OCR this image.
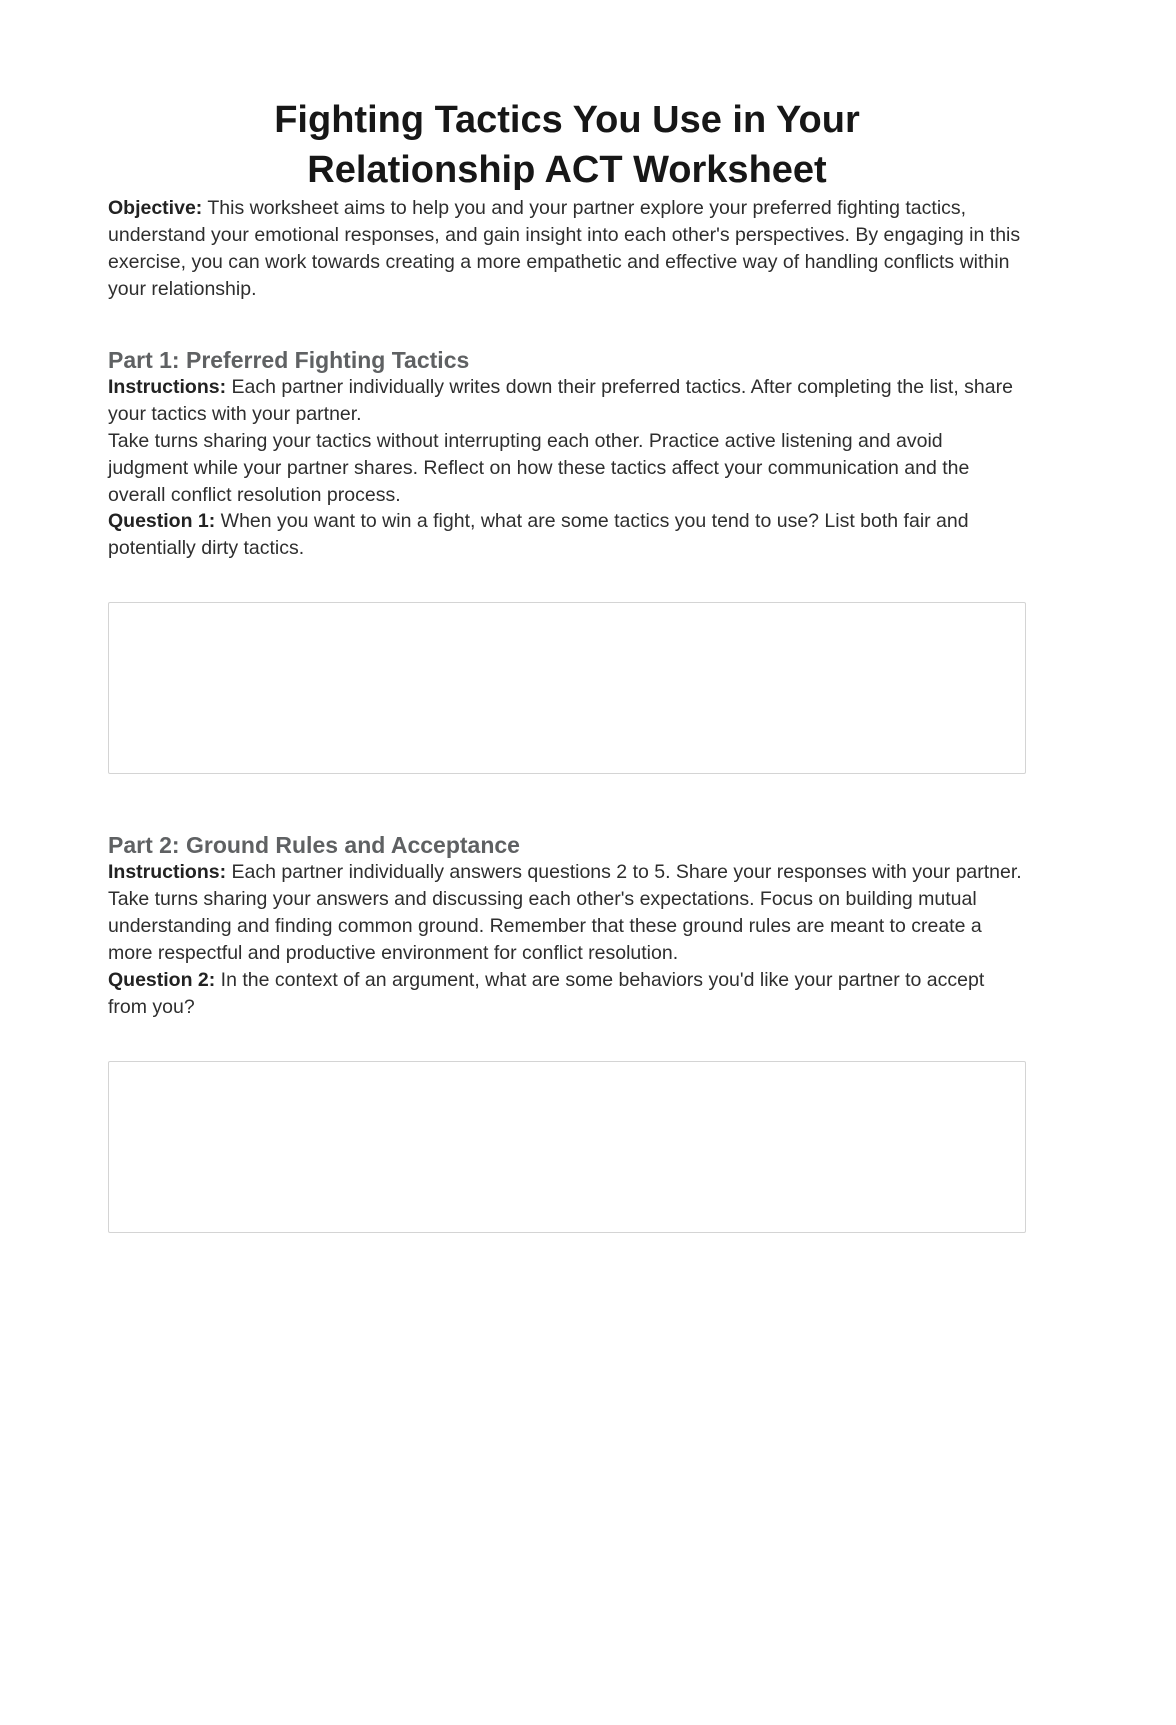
Fighting Tactics You Use in Your Relationship ACT Worksheet

Objective: This worksheet aims to help you and your partner explore your preferred fighting tactics, understand your emotional responses, and gain insight into each other's perspectives. By engaging in this exercise, you can work towards creating a more empathetic and effective way of handling conflicts within your relationship.

Part 1: Preferred Fighting Tactics

Instructions: Each partner individually writes down their preferred tactics. After completing the list, share your tactics with your partner.

Take turns sharing your tactics without interrupting each other. Practice active listening and avoid judgment while your partner shares. Reflect on how these tactics affect your communication and the overall conflict resolution process.

Question 1: When you want to win a fight, what are some tactics you tend to use? List both fair and potentially dirty tactics.

Part 2: Ground Rules and Acceptance

Instructions: Each partner individually answers questions 2 to 5. Share your responses with your partner.

Take turns sharing your answers and discussing each other's expectations. Focus on building mutual understanding and finding common ground. Remember that these ground rules are meant to create a more respectful and productive environment for conflict resolution.

Question 2: In the context of an argument, what are some behaviors you'd like your partner to accept from you?
